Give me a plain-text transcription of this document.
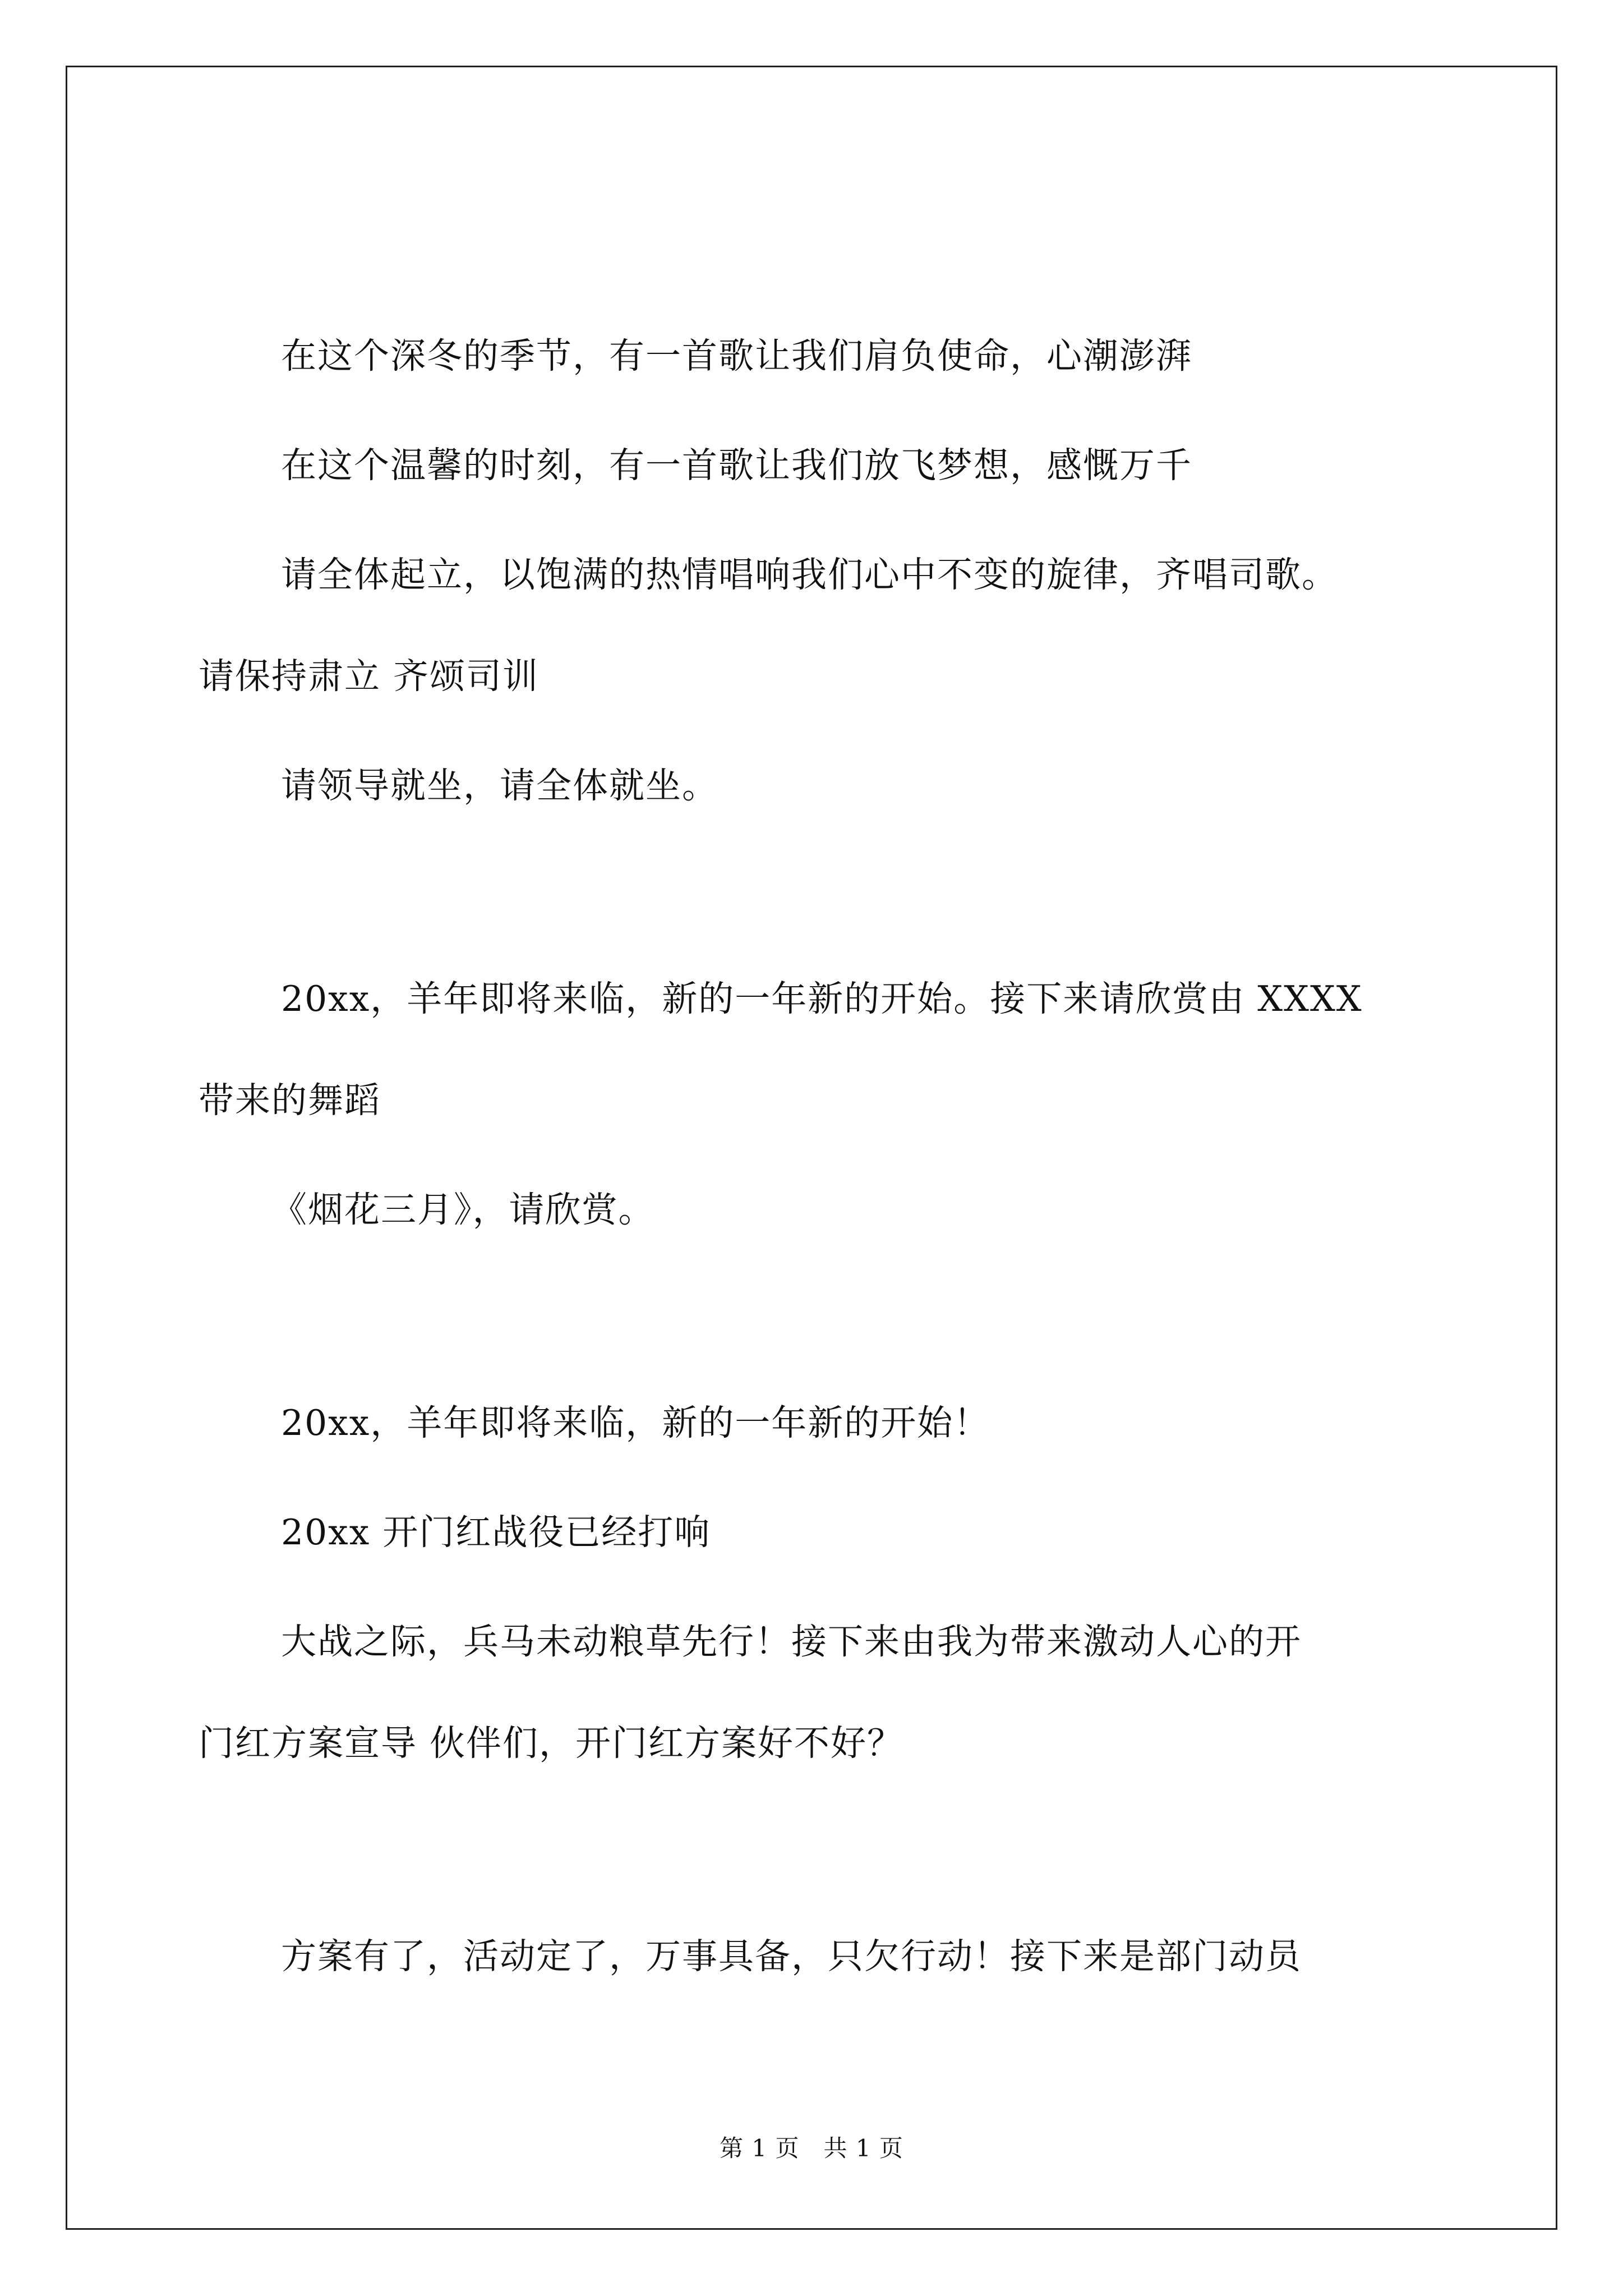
在这个深冬的季节，有一首歌让我们肩负使命，心潮澎湃
在这个温馨的时刻，有一首歌让我们放飞梦想，感慨万千
请全体起立，以饱满的热情唱响我们心中不变的旋律，齐唱司歌。
请保持肃立 齐颂司训
请领导就坐，请全体就坐。
20xx，羊年即将来临，新的一年新的开始。接下来请欣赏由 XXXX
带来的舞蹈
《烟花三月》，请欣赏。
20xx，羊年即将来临，新的一年新的开始！
20xx 开门红战役已经打响
大战之际，兵马未动粮草先行！接下来由我为带来激动人心的开
门红方案宣导 伙伴们，开门红方案好不好？
方案有了，活动定了，万事具备，只欠行动！接下来是部门动员
第 1 页　共 1 页
